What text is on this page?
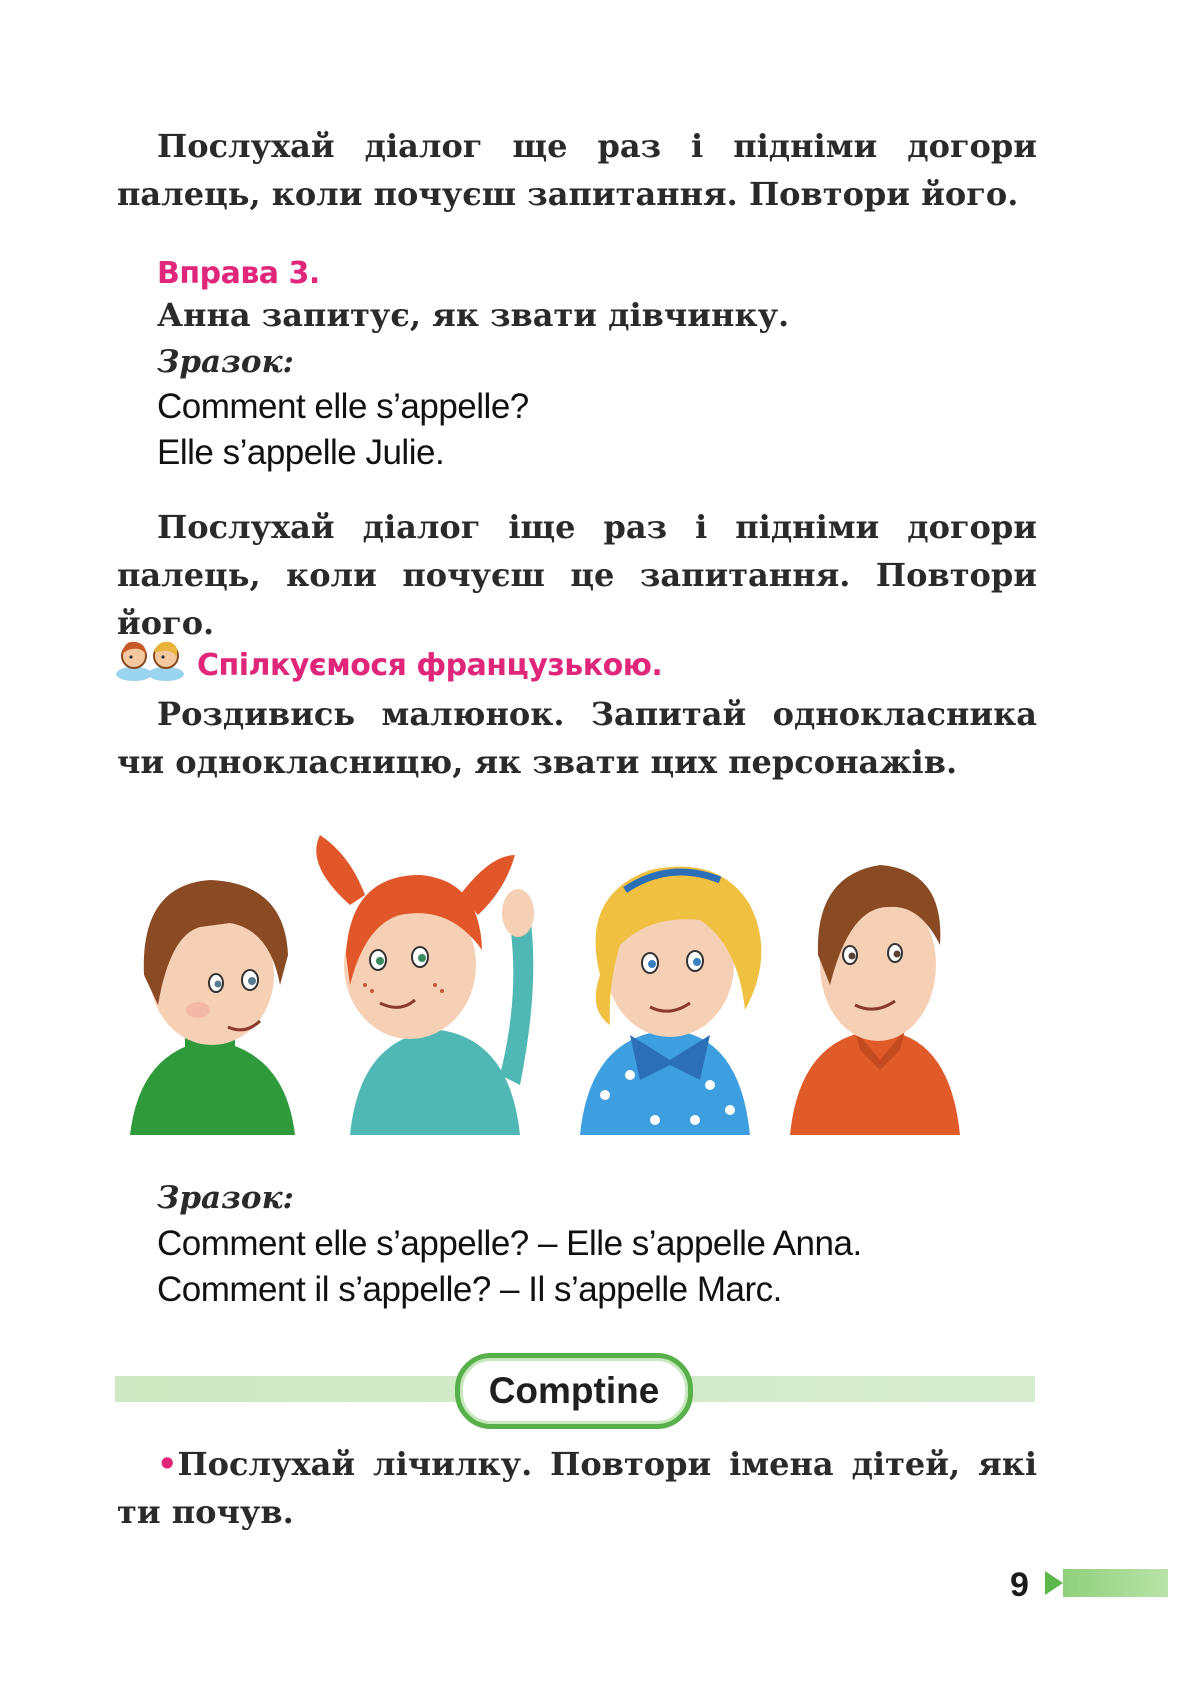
Послухай діалог ще раз і підніми догори палець, коли почуєш запитання. Повтори його.

Вправа 3.

Анна запитує, як звати дівчинку.

Зразок:

Comment elle s’appelle?

Elle s’appelle Julie.

Послухай діалог іще раз і підніми догори палець, коли почуєш це запитання. Повтори його.

Спілкуємося французькою.

Роздивись малюнок. Запитай однокласника чи однокласницю, як звати цих персонажів.

Зразок:

Comment elle s’appelle? – Elle s’appelle Anna.

Comment il s’appelle? – Il s’appelle Marc.

Comptine

•Послухай лічилку. Повтори імена дітей, які ти почув.

9
